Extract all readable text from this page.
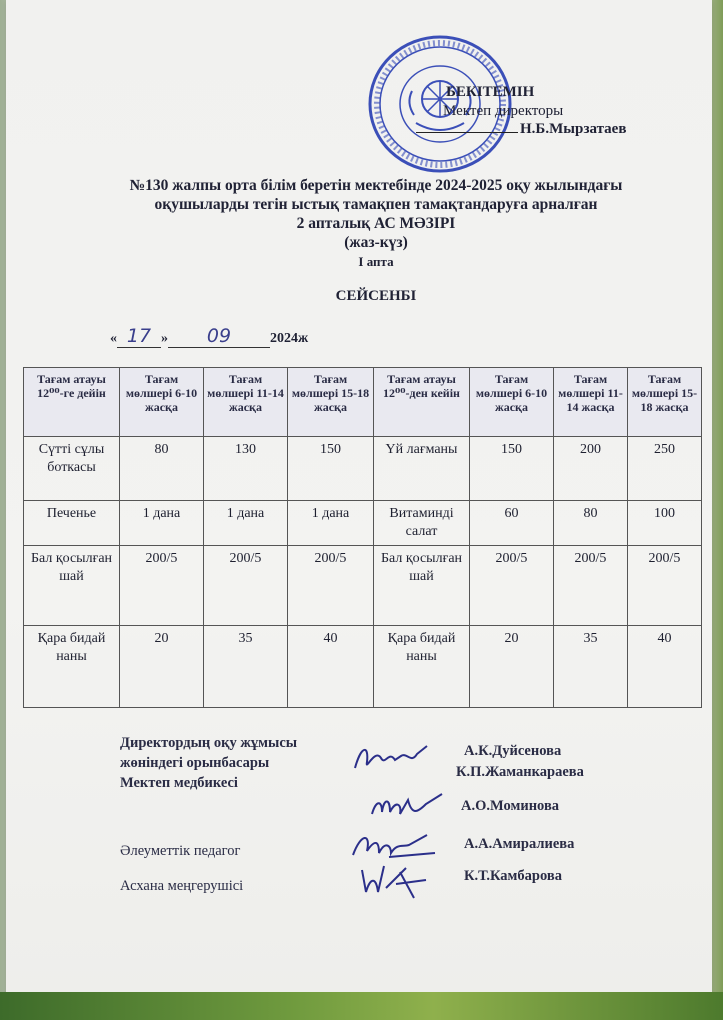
БЕКІТЕМІН
Мектеп директоры
Н.Б.Мырзатаев
№130 жалпы орта білім беретін мектебінде 2024-2025 оқу жылындағы
оқушыларды тегін ыстық тамақпен тамақтандаруға арналған
2 апталық АС МӘЗІРІ
(жаз-күз)
І апта
СЕЙСЕНБІ
« 17 » 09	2024ж
Тағам атауы 12⁰⁰-ге дейін	Тағам мөлшері 6-10 жасқа	Тағам мөлшері 11-14 жасқа	Тағам мөлшері 15-18 жасқа	Тағам атауы 12⁰⁰-ден кейін	Тағам мөлшері 6-10 жасқа	Тағам мөлшері 11-14 жасқа	Тағам мөлшері 15-18 жасқа
Сүтті сұлы боткасы	80	130	150	Үй лағманы	150	200	250
Печенье	1 дана	1 дана	1 дана	Витаминді салат	60	80	100
Бал қосылған шай	200/5	200/5	200/5	Бал қосылған шай	200/5	200/5	200/5
Қара бидай наны	20	35	40	Қара бидай наны	20	35	40
Директордың оқу жұмысы
жөніндегі орынбасары
Мектеп медбикесі
Әлеуметтік педагог
Асхана меңгерушісі
А.К.Дуйсенова
К.П.Жаманкараева
А.О.Моминова
А.А.Амиралиева
К.Т.Камбарова
